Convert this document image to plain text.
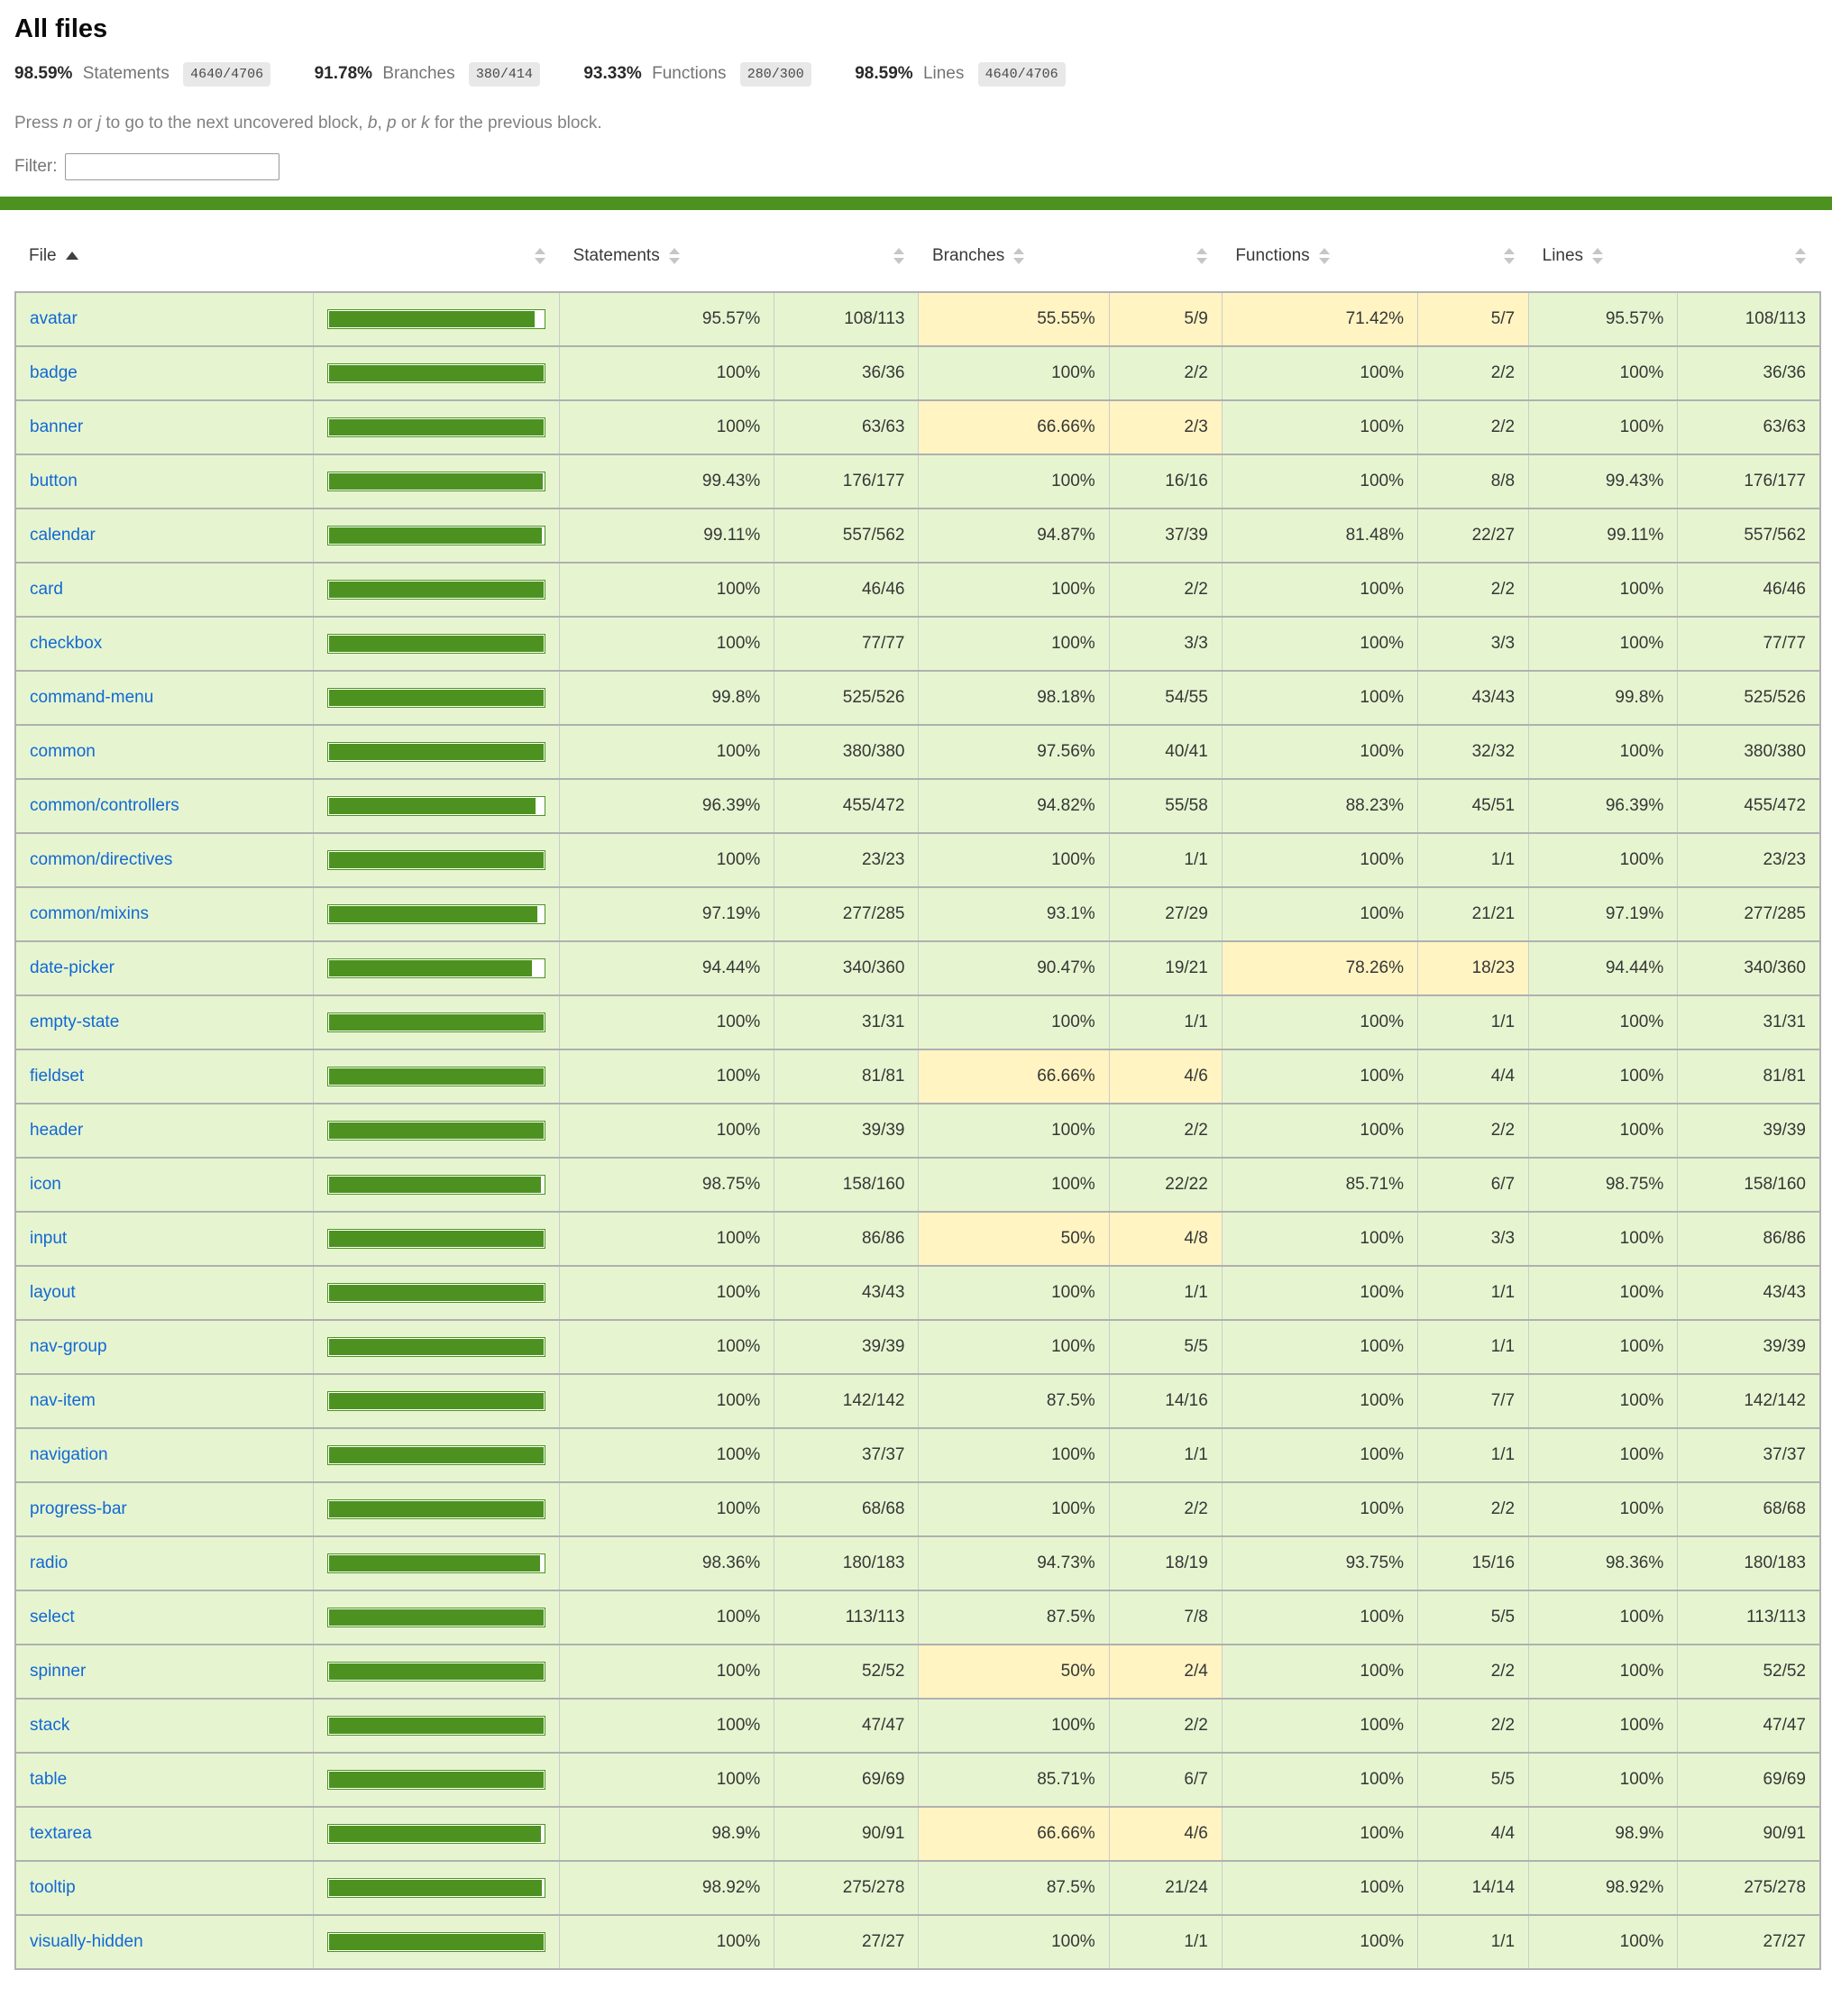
All files
98.59% Statements 4640/4706	91.78% Branches 380/414	93.33% Functions 280/300	98.59% Lines 4640/4706

Press n or j to go to the next uncovered block, b, p or k for the previous block.

Filter:
File		Statements		Branches		Functions		Lines	
avatar		95.57%	108/113	55.55%	5/9	71.42%	5/7	95.57%	108/113
badge		100%	36/36	100%	2/2	100%	2/2	100%	36/36
banner		100%	63/63	66.66%	2/3	100%	2/2	100%	63/63
button		99.43%	176/177	100%	16/16	100%	8/8	99.43%	176/177
calendar		99.11%	557/562	94.87%	37/39	81.48%	22/27	99.11%	557/562
card		100%	46/46	100%	2/2	100%	2/2	100%	46/46
checkbox		100%	77/77	100%	3/3	100%	3/3	100%	77/77
command-menu		99.8%	525/526	98.18%	54/55	100%	43/43	99.8%	525/526
common		100%	380/380	97.56%	40/41	100%	32/32	100%	380/380
common/controllers		96.39%	455/472	94.82%	55/58	88.23%	45/51	96.39%	455/472
common/directives		100%	23/23	100%	1/1	100%	1/1	100%	23/23
common/mixins		97.19%	277/285	93.1%	27/29	100%	21/21	97.19%	277/285
date-picker		94.44%	340/360	90.47%	19/21	78.26%	18/23	94.44%	340/360
empty-state		100%	31/31	100%	1/1	100%	1/1	100%	31/31
fieldset		100%	81/81	66.66%	4/6	100%	4/4	100%	81/81
header		100%	39/39	100%	2/2	100%	2/2	100%	39/39
icon		98.75%	158/160	100%	22/22	85.71%	6/7	98.75%	158/160
input		100%	86/86	50%	4/8	100%	3/3	100%	86/86
layout		100%	43/43	100%	1/1	100%	1/1	100%	43/43
nav-group		100%	39/39	100%	5/5	100%	1/1	100%	39/39
nav-item		100%	142/142	87.5%	14/16	100%	7/7	100%	142/142
navigation		100%	37/37	100%	1/1	100%	1/1	100%	37/37
progress-bar		100%	68/68	100%	2/2	100%	2/2	100%	68/68
radio		98.36%	180/183	94.73%	18/19	93.75%	15/16	98.36%	180/183
select		100%	113/113	87.5%	7/8	100%	5/5	100%	113/113
spinner		100%	52/52	50%	2/4	100%	2/2	100%	52/52
stack		100%	47/47	100%	2/2	100%	2/2	100%	47/47
table		100%	69/69	85.71%	6/7	100%	5/5	100%	69/69
textarea		98.9%	90/91	66.66%	4/6	100%	4/4	98.9%	90/91
tooltip		98.92%	275/278	87.5%	21/24	100%	14/14	98.92%	275/278
visually-hidden		100%	27/27	100%	1/1	100%	1/1	100%	27/27
